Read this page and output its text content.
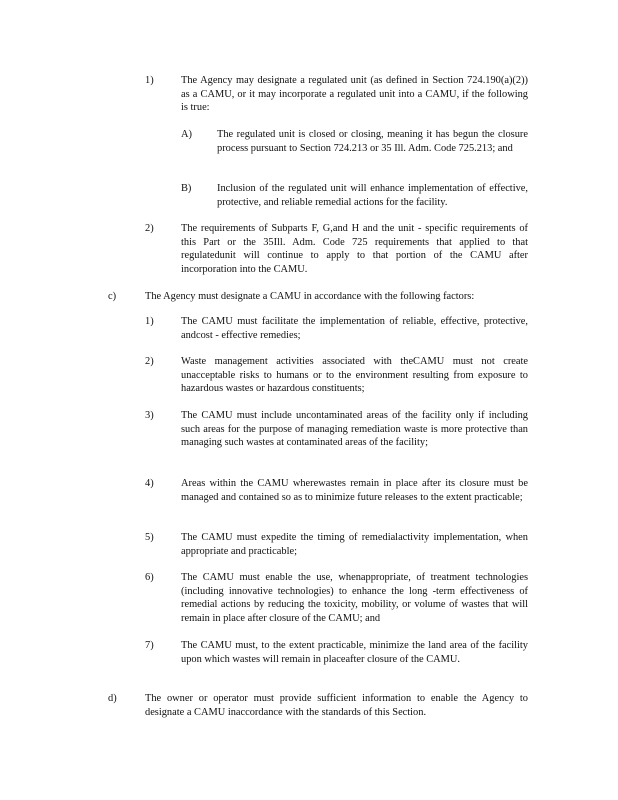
1)	The Agency may designate a regulated unit (as defined in Section 724.190(a)(2)) as a CAMU, or it may incorporate a regulated unit into a CAMU, if the following is true:
A) The regulated unit is closed or closing, meaning it has begun the closure process pursuant to Section 724.213 or 35 Ill. Adm. Code 725.213; and
B) Inclusion of the regulated unit will enhance implementation of effective, protective, and reliable remedial actions for the facility.
2)	The requirements of Subparts F, G,and H and the unit - specific requirements of this Part or the 35Ill. Adm. Code 725 requirements that applied to that regulatedunit will continue to apply to that portion of the CAMU after incorporation into the CAMU.
c)	The Agency must designate a CAMU in accordance with the following factors:
1)	The CAMU must facilitate the implementation of reliable, effective, protective, andcost - effective remedies;
2)	Waste management activities associated with theCAMU must not create unacceptable risks to humans or to the environment resulting from exposure to hazardous wastes or hazardous constituents;
3)	The CAMU must include uncontaminated areas of the facility only if including such areas for the purpose of managing remediation waste is more protective than managing such wastes at contaminated areas of the facility;
4)	Areas within the CAMU wherewastes remain in place after its closure must be managed and contained so as to minimize future releases to the extent practicable;
5)	The CAMU must expedite the timing of remedialactivity implementation, when appropriate and practicable;
6)	The CAMU must enable the use, whenappropriate, of treatment technologies (including innovative technologies) to enhance the long -term effectiveness of remedial actions by reducing the toxicity, mobility, or volume of wastes that will remain in place after closure of the CAMU; and
7)	The CAMU must, to the extent practicable, minimize the land area of the facility upon which wastes will remain in placeafter closure of the CAMU.
d)	The owner or operator must provide sufficient information to enable the Agency to designate a CAMU inaccordance with the standards of this Section.
